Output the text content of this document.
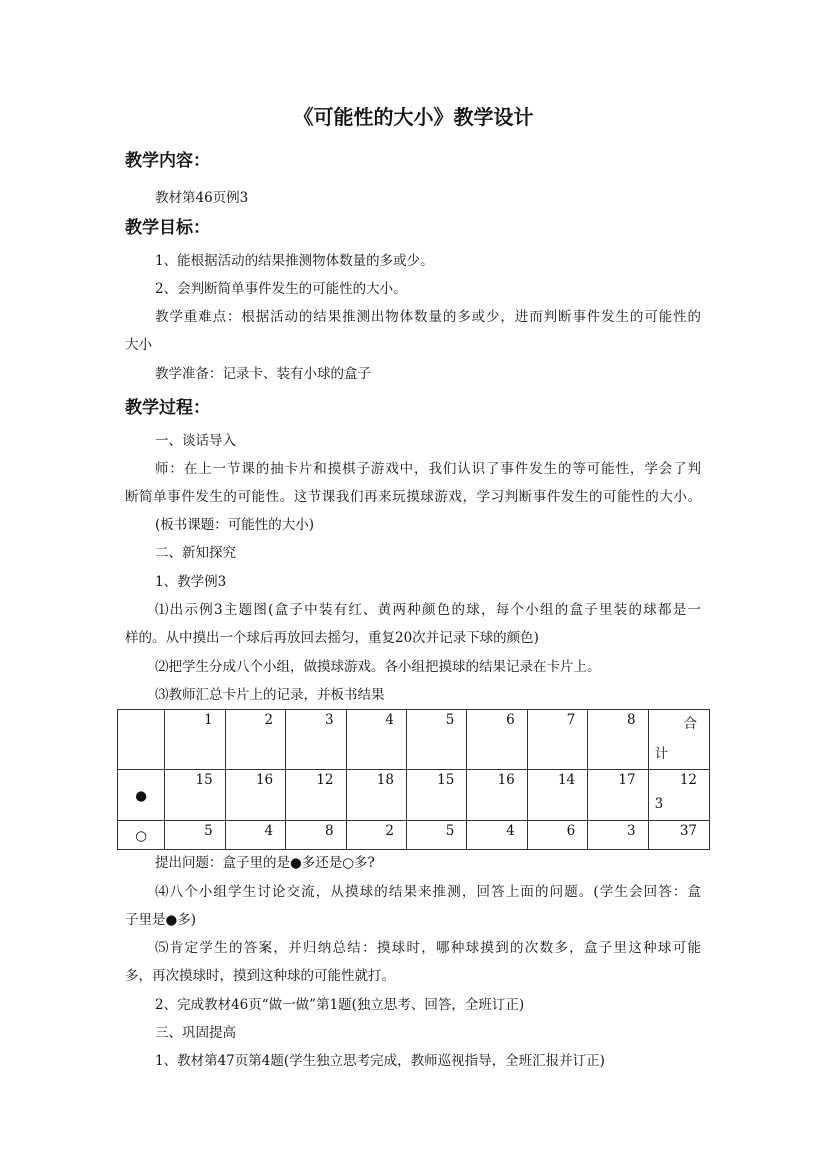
《可能性的大小》教学设计
教学内容：
教材第46页例3
教学目标：
1、能根据活动的结果推测物体数量的多或少。
2、会判断简单事件发生的可能性的大小。
教学重难点：根据活动的结果推测出物体数量的多或少，进而判断事件发生的可能性的
大小
教学准备：记录卡、装有小球的盒子
教学过程：
一、谈话导入
师：在上一节课的抽卡片和摸棋子游戏中，我们认识了事件发生的等可能性，学会了判
断简单事件发生的可能性。这节课我们再来玩摸球游戏，学习判断事件发生的可能性的大小。
(板书课题：可能性的大小)
二、新知探究
1、教学例3
⑴出示例3主题图(盒子中装有红、黄两种颜色的球，每个小组的盒子里装的球都是一
样的。从中摸出一个球后再放回去摇匀，重复20次并记录下球的颜色)
⑵把学生分成八个小组，做摸球游戏。各小组把摸球的结果记录在卡片上。
⑶教师汇总卡片上的记录，并板书结果
	1	2	3	4	5	6	7	8	合
计

●	15	16	12	18	15	16	14	17	12
3

○	5	4	8	2	5	4	6	3	37
提出问题：盒子里的是●多还是○多?
⑷八个小组学生讨论交流，从摸球的结果来推测，回答上面的问题。(学生会回答：盒
子里是●多)
⑸肯定学生的答案，并归纳总结：摸球时，哪种球摸到的次数多，盒子里这种球可能
多，再次摸球时，摸到这种球的可能性就打。
2、完成教材46页“做一做”第1题(独立思考、回答，全班订正)
三、巩固提高
1、教材第47页第4题(学生独立思考完成，教师巡视指导，全班汇报并订正)
